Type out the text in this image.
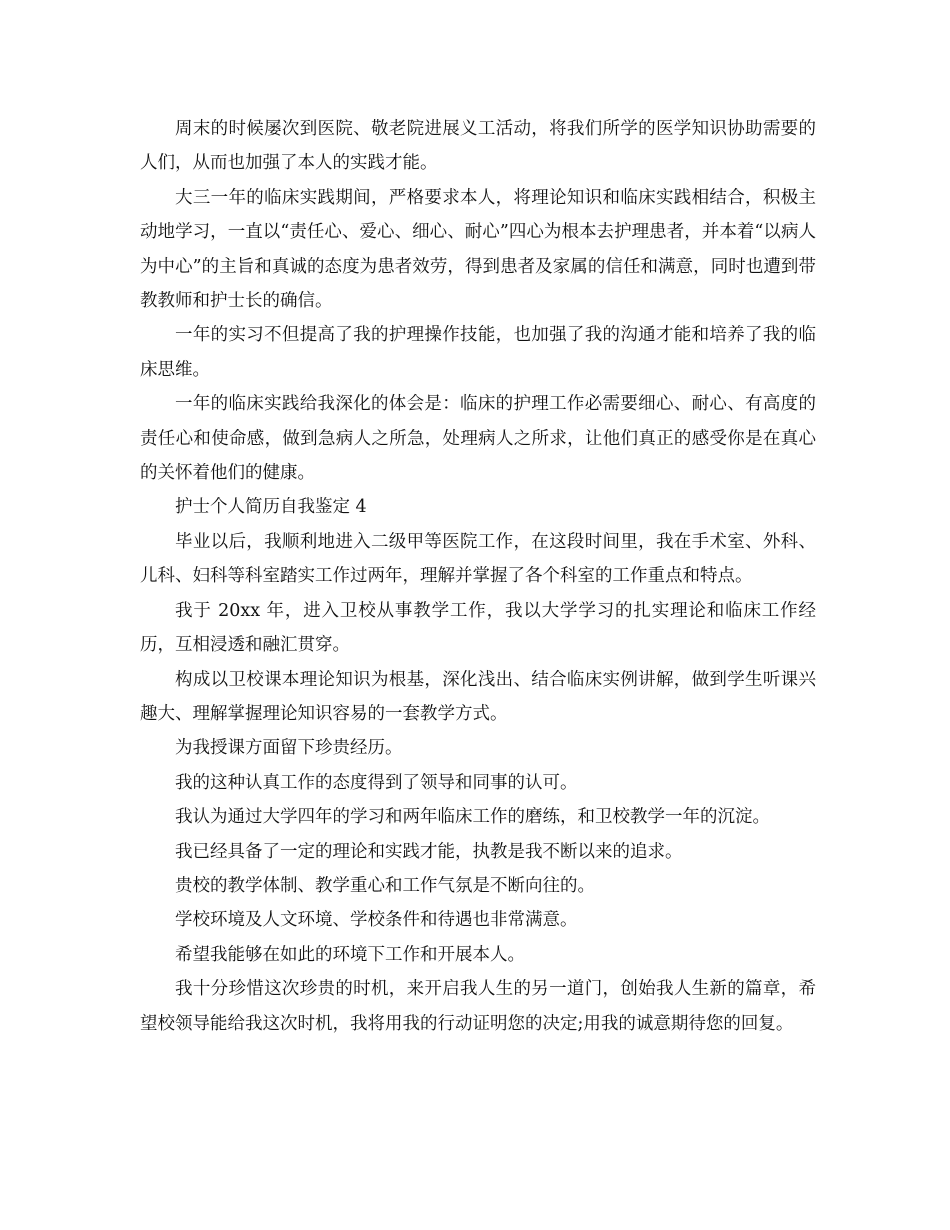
周末的时候屡次到医院、敬老院进展义工活动，将我们所学的医学知识协助需要的人们，从而也加强了本人的实践才能。

大三一年的临床实践期间，严格要求本人，将理论知识和临床实践相结合，积极主动地学习，一直以“责任心、爱心、细心、耐心”四心为根本去护理患者，并本着“以病人为中心”的主旨和真诚的态度为患者效劳，得到患者及家属的信任和满意，同时也遭到带教教师和护士长的确信。

一年的实习不但提高了我的护理操作技能，也加强了我的沟通才能和培养了我的临床思维。

一年的临床实践给我深化的体会是：临床的护理工作必需要细心、耐心、有高度的责任心和使命感，做到急病人之所急，处理病人之所求，让他们真正的感受你是在真心的关怀着他们的健康。

护士个人简历自我鉴定 4

毕业以后，我顺利地进入二级甲等医院工作，在这段时间里，我在手术室、外科、儿科、妇科等科室踏实工作过两年，理解并掌握了各个科室的工作重点和特点。

我于 20xx 年，进入卫校从事教学工作，我以大学学习的扎实理论和临床工作经历，互相浸透和融汇贯穿。

构成以卫校课本理论知识为根基，深化浅出、结合临床实例讲解，做到学生听课兴趣大、理解掌握理论知识容易的一套教学方式。

为我授课方面留下珍贵经历。

我的这种认真工作的态度得到了领导和同事的认可。

我认为通过大学四年的学习和两年临床工作的磨练，和卫校教学一年的沉淀。

我已经具备了一定的理论和实践才能，执教是我不断以来的追求。

贵校的教学体制、教学重心和工作气氛是不断向往的。

学校环境及人文环境、学校条件和待遇也非常满意。

希望我能够在如此的环境下工作和开展本人。

我十分珍惜这次珍贵的时机，来开启我人生的另一道门，创始我人生新的篇章，希望校领导能给我这次时机，我将用我的行动证明您的决定;用我的诚意期待您的回复。
